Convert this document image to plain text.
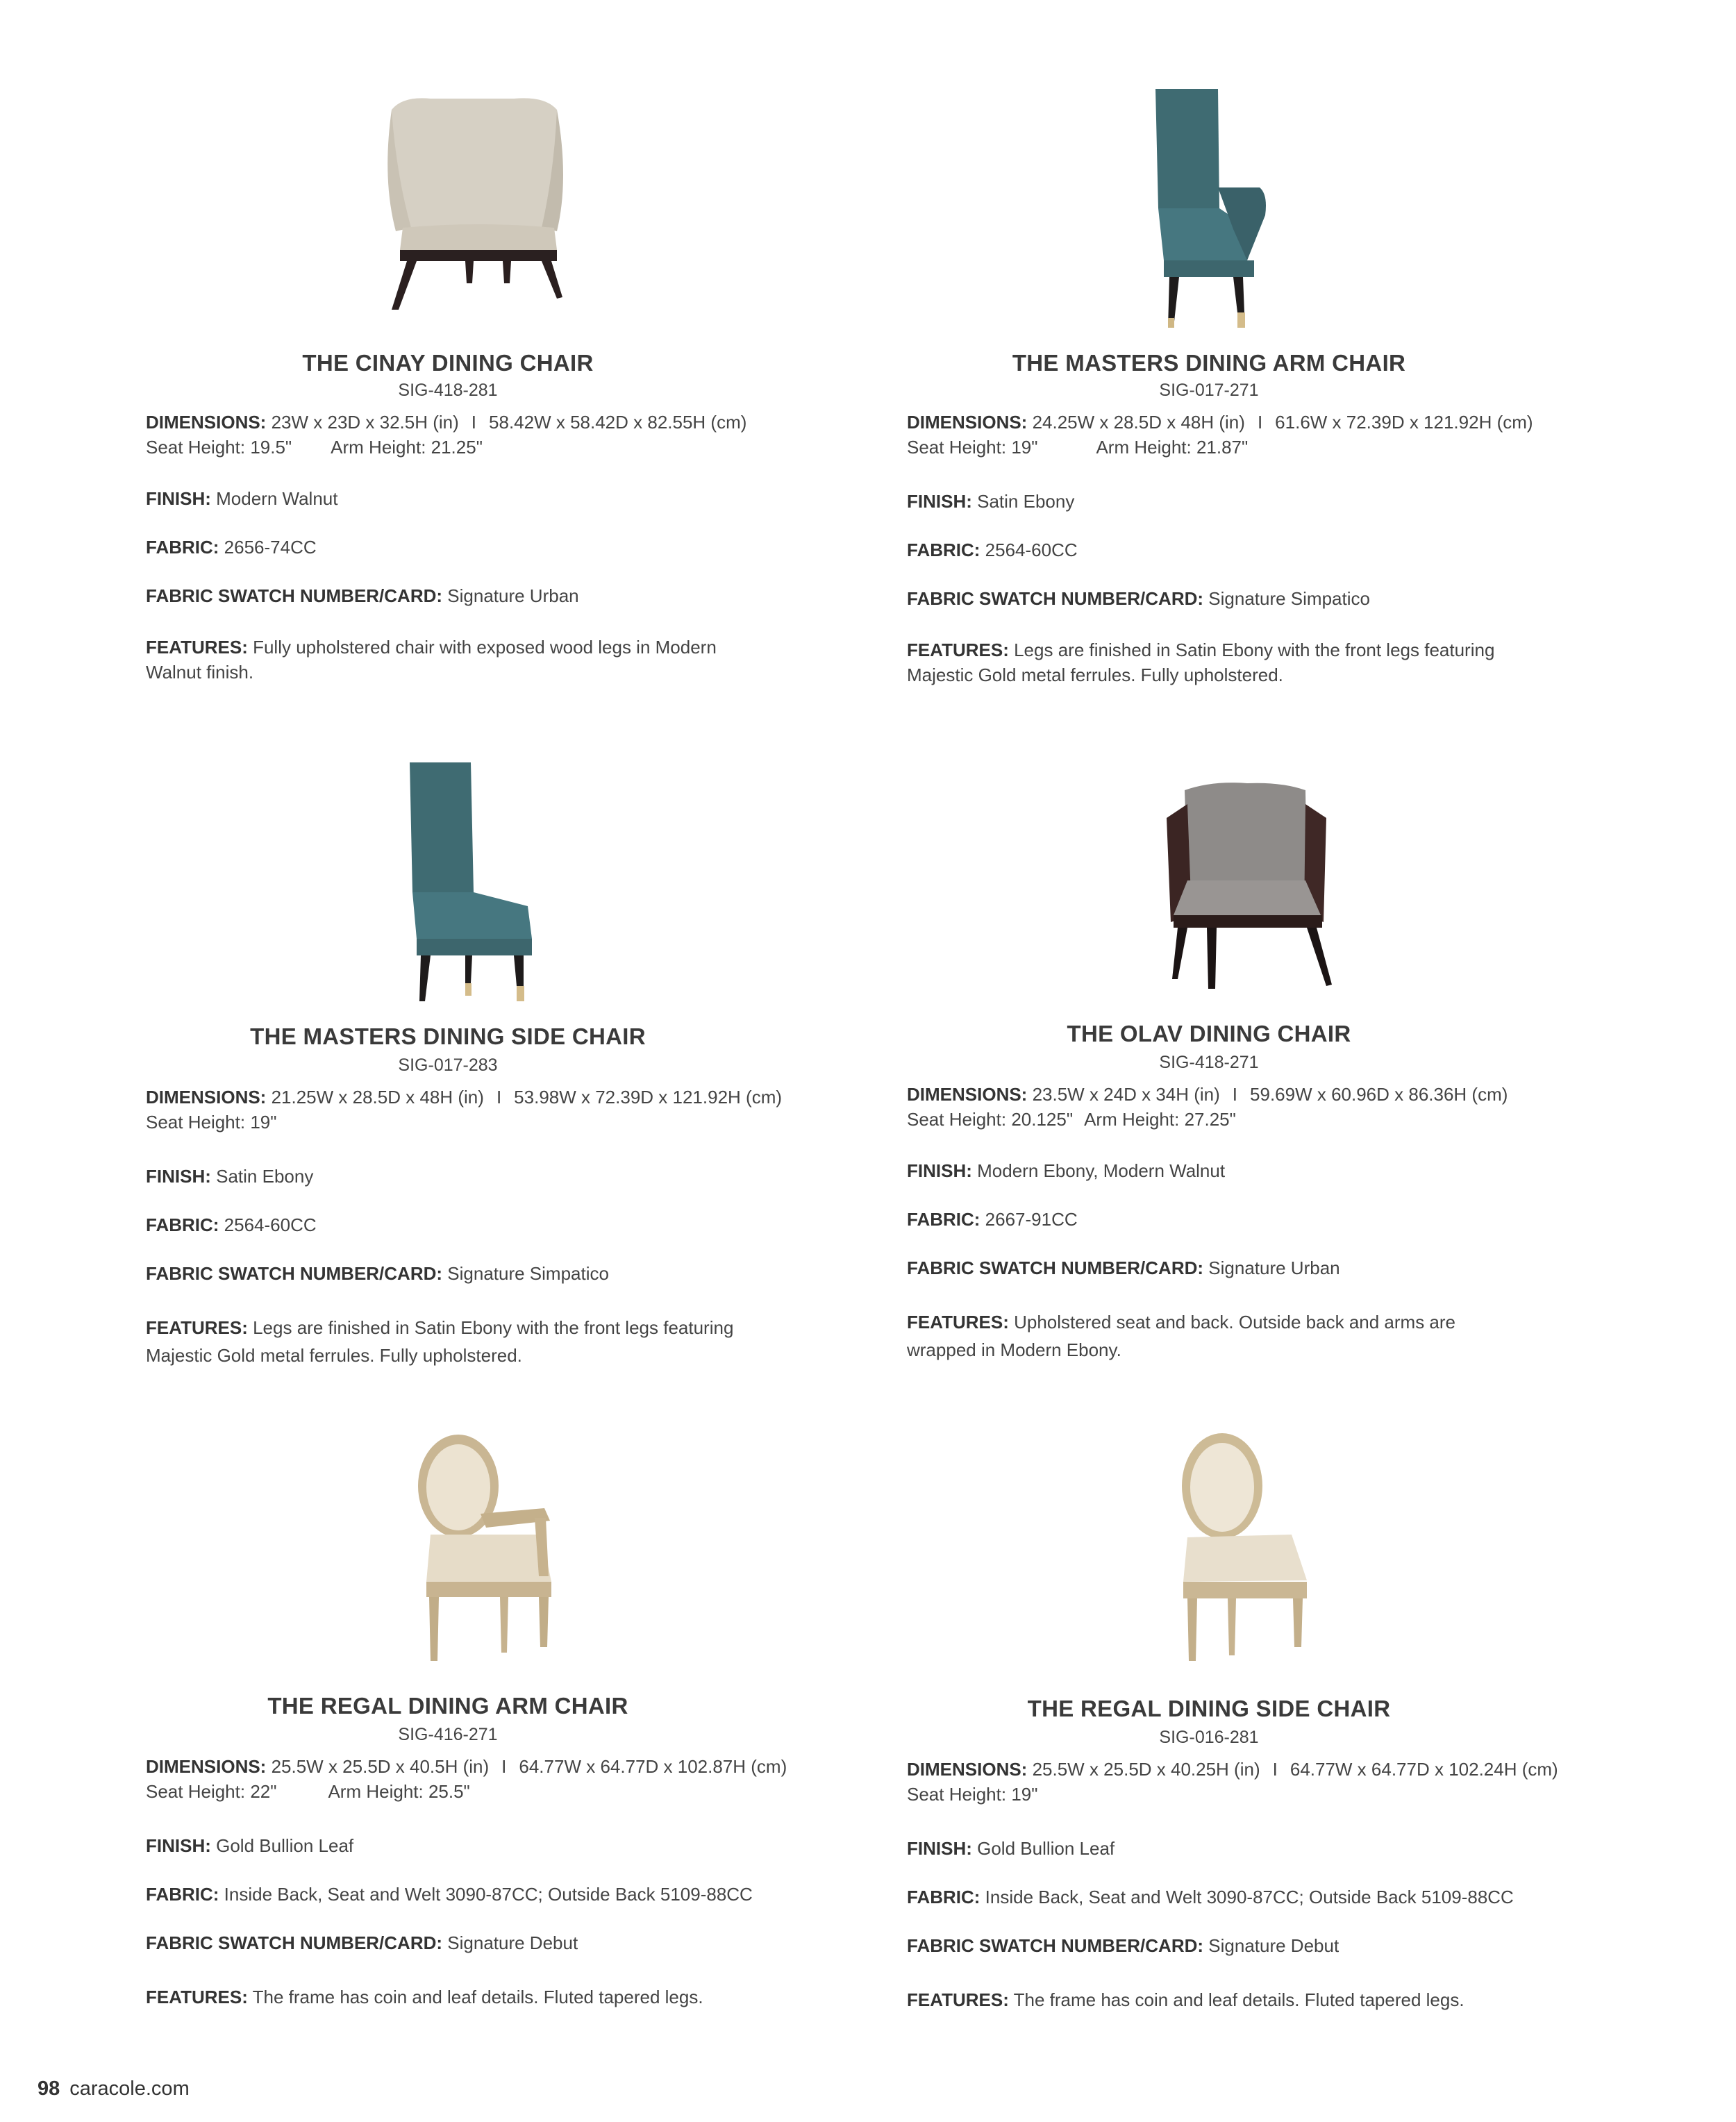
THE CINAY DINING CHAIR
SIG-418-281
DIMENSIONS: 23W x 23D x 32.5H (in) I 58.42W x 58.42D x 82.55H (cm)
Seat Height: 19.5" Arm Height: 21.25"
FINISH: Modern Walnut
FABRIC: 2656-74CC
FABRIC SWATCH NUMBER/CARD: Signature Urban
FEATURES: Fully upholstered chair with exposed wood legs in Modern
Walnut finish.
THE MASTERS DINING ARM CHAIR
SIG-017-271
DIMENSIONS: 24.25W x 28.5D x 48H (in) I 61.6W x 72.39D x 121.92H (cm)
Seat Height: 19"	Arm Height: 21.87"
FINISH: Satin Ebony
FABRIC: 2564-60CC
FABRIC SWATCH NUMBER/CARD: Signature Simpatico
FEATURES: Legs are finished in Satin Ebony with the front legs featuring
Majestic Gold metal ferrules. Fully upholstered.
THE MASTERS DINING SIDE CHAIR
SIG-017-283
DIMENSIONS: 21.25W x 28.5D x 48H (in) I 53.98W x 72.39D x 121.92H (cm)
Seat Height: 19"
FINISH: Satin Ebony
FABRIC: 2564-60CC
FABRIC SWATCH NUMBER/CARD: Signature Simpatico
FEATURES: Legs are finished in Satin Ebony with the front legs featuring
Majestic Gold metal ferrules. Fully upholstered.
THE OLAV DINING CHAIR
SIG-418-271
DIMENSIONS: 23.5W x 24D x 34H (in) I 59.69W x 60.96D x 86.36H (cm)
Seat Height: 20.125" Arm Height: 27.25"
FINISH: Modern Ebony, Modern Walnut
FABRIC: 2667-91CC
FABRIC SWATCH NUMBER/CARD: Signature Urban
FEATURES: Upholstered seat and back. Outside back and arms are
wrapped in Modern Ebony.
THE REGAL DINING ARM CHAIR
SIG-416-271
DIMENSIONS: 25.5W x 25.5D x 40.5H (in) I 64.77W x 64.77D x 102.87H (cm)
Seat Height: 22"	Arm Height: 25.5"
FINISH: Gold Bullion Leaf
FABRIC: Inside Back, Seat and Welt 3090-87CC; Outside Back 5109-88CC
FABRIC SWATCH NUMBER/CARD: Signature Debut
FEATURES: The frame has coin and leaf details. Fluted tapered legs.
THE REGAL DINING SIDE CHAIR
SIG-016-281
DIMENSIONS: 25.5W x 25.5D x 40.25H (in) I 64.77W x 64.77D x 102.24H (cm)
Seat Height: 19"
FINISH: Gold Bullion Leaf
FABRIC: Inside Back, Seat and Welt 3090-87CC; Outside Back 5109-88CC
FABRIC SWATCH NUMBER/CARD: Signature Debut
FEATURES: The frame has coin and leaf details. Fluted tapered legs.
98 caracole.com
